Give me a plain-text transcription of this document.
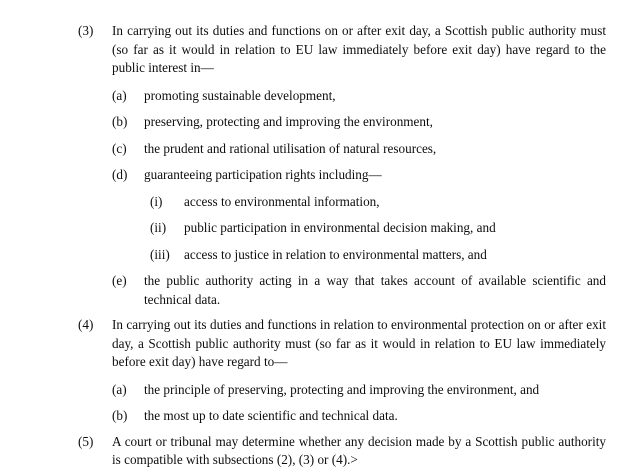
(3)	In carrying out its duties and functions on or after exit day, a Scottish public authority must (so far as it would in relation to EU law immediately before exit day) have regard to the public interest in—
(a)	promoting sustainable development,
(b)	preserving, protecting and improving the environment,
(c)	the prudent and rational utilisation of natural resources,
(d)	guaranteeing participation rights including—
(i)	access to environmental information,
(ii)	public participation in environmental decision making, and
(iii)	access to justice in relation to environmental matters, and
(e)	the public authority acting in a way that takes account of available scientific and technical data.
(4)	In carrying out its duties and functions in relation to environmental protection on or after exit day, a Scottish public authority must (so far as it would in relation to EU law immediately before exit day) have regard to—
(a)	the principle of preserving, protecting and improving the environment, and
(b)	the most up to date scientific and technical data.
(5)	A court or tribunal may determine whether any decision made by a Scottish public authority is compatible with subsections (2), (3) or (4).>
